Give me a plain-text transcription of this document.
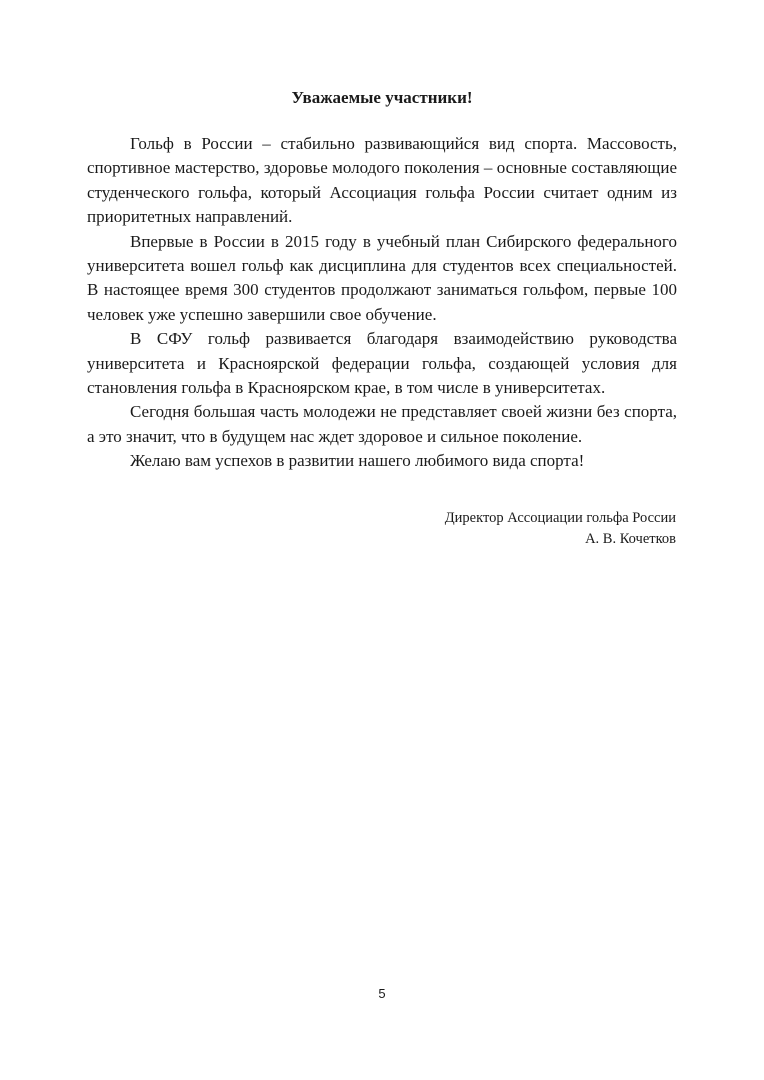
Уважаемые участники!

Гольф в России – стабильно развивающийся вид спорта. Массовость, спортивное мастерство, здоровье молодого поколения – основные составляющие студенческого гольфа, который Ассоциация гольфа России считает одним из приоритетных направлений.

Впервые в России в 2015 году в учебный план Сибирского федерального университета вошел гольф как дисциплина для студентов всех специальностей. В настоящее время 300 студентов продолжают заниматься гольфом, первые 100 человек уже успешно завершили свое обучение.

В СФУ гольф развивается благодаря взаимодействию руководства университета и Красноярской федерации гольфа, создающей условия для становления гольфа в Красноярском крае, в том числе в университетах.

Сегодня большая часть молодежи не представляет своей жизни без спорта, а это значит, что в будущем нас ждет здоровое и сильное поколение.

Желаю вам успехов в развитии нашего любимого вида спорта!

Директор Ассоциации гольфа России
А. В. Кочетков
5
